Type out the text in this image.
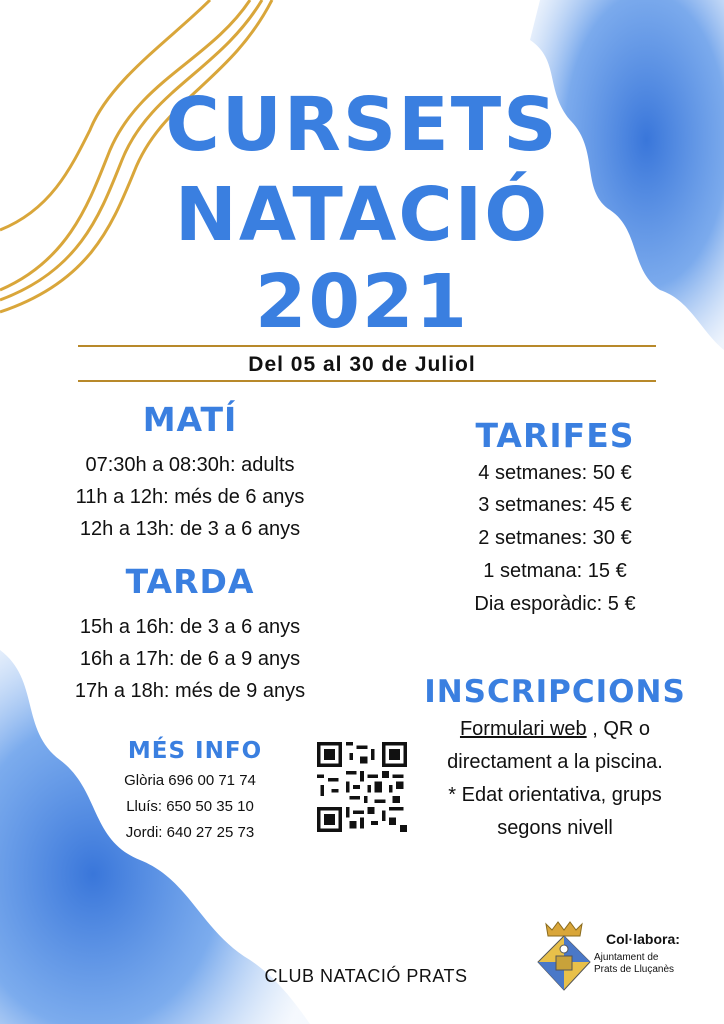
CURSETS
NATACIÓ
2021
Del 05 al 30 de Juliol
MATÍ
07:30h a 08:30h: adults
11h a 12h: més de 6 anys
12h a 13h: de 3 a 6 anys
TARDA
15h a 16h: de 3 a 6 anys
16h a 17h: de 6 a 9 anys
17h a 18h: més de 9 anys
TARIFES
4 setmanes: 50 €
3 setmanes: 45 €
2 setmanes: 30 €
1 setmana: 15 €
Dia esporàdic: 5 €
MÉS INFO
Glòria 696 00 71 74
Lluís: 650 50 35 10
Jordi: 640 27 25 73
INSCRIPCIONS
Formulari web , QR o
directament a la piscina.
* Edat orientativa, grups
segons nivell
CLUB NATACIÓ PRATS
Col·labora:
Ajuntament de
Prats de Lluçanès
